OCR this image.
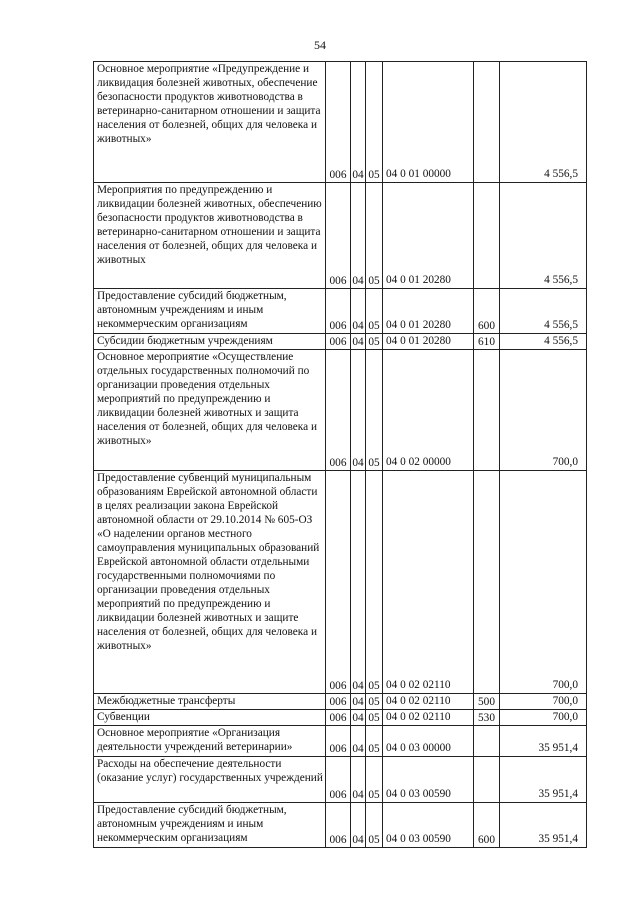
54
Основное мероприятие «Предупреждение и ликвидация болезней животных, обеспечение безопасности продуктов животноводства в ветеринарно-санитарном отношении и защита населения от болезней, общих для человека и животных»	006	04	05	04 0 01 00000		4 556,5

Мероприятия по предупреждению и ликвидации болезней животных, обеспечению безопасности продуктов животноводства в ветеринарно-санитарном отношении и защита населения от болезней, общих для человека и животных	006	04	05	04 0 01 20280		4 556,5

Предоставление субсидий бюджетным, автономным учреждениям и иным некоммерческим организациям	006	04	05	04 0 01 20280	600	4 556,5

Субсидии бюджетным учреждениям	006	04	05	04 0 01 20280	610	4 556,5

Основное мероприятие «Осуществление отдельных государственных полномочий по организации проведения отдельных мероприятий по предупреждению и ликвидации болезней животных и защита населения от болезней, общих для человека и животных»	006	04	05	04 0 02 00000		700,0

Предоставление субвенций муниципальным образованиям Еврейской автономной области в целях реализации закона Еврейской автономной области от 29.10.2014 № 605-ОЗ «О наделении органов местного самоуправления муниципальных образований Еврейской автономной области отдельными государственными полномочиями по организации проведения отдельных мероприятий по предупреждению и ликвидации болезней животных и защите населения от болезней, общих для человека и животных»	006	04	05	04 0 02 02110		700,0

Межбюджетные трансферты	006	04	05	04 0 02 02110	500	700,0

Субвенции	006	04	05	04 0 02 02110	530	700,0

Основное мероприятие «Организация деятельности учреждений ветеринарии»	006	04	05	04 0 03 00000		35 951,4

Расходы на обеспечение деятельности (оказание услуг) государственных учреждений	006	04	05	04 0 03 00590		35 951,4

Предоставление субсидий бюджетным, автономным учреждениям и иным некоммерческим организациям	006	04	05	04 0 03 00590	600	35 951,4
